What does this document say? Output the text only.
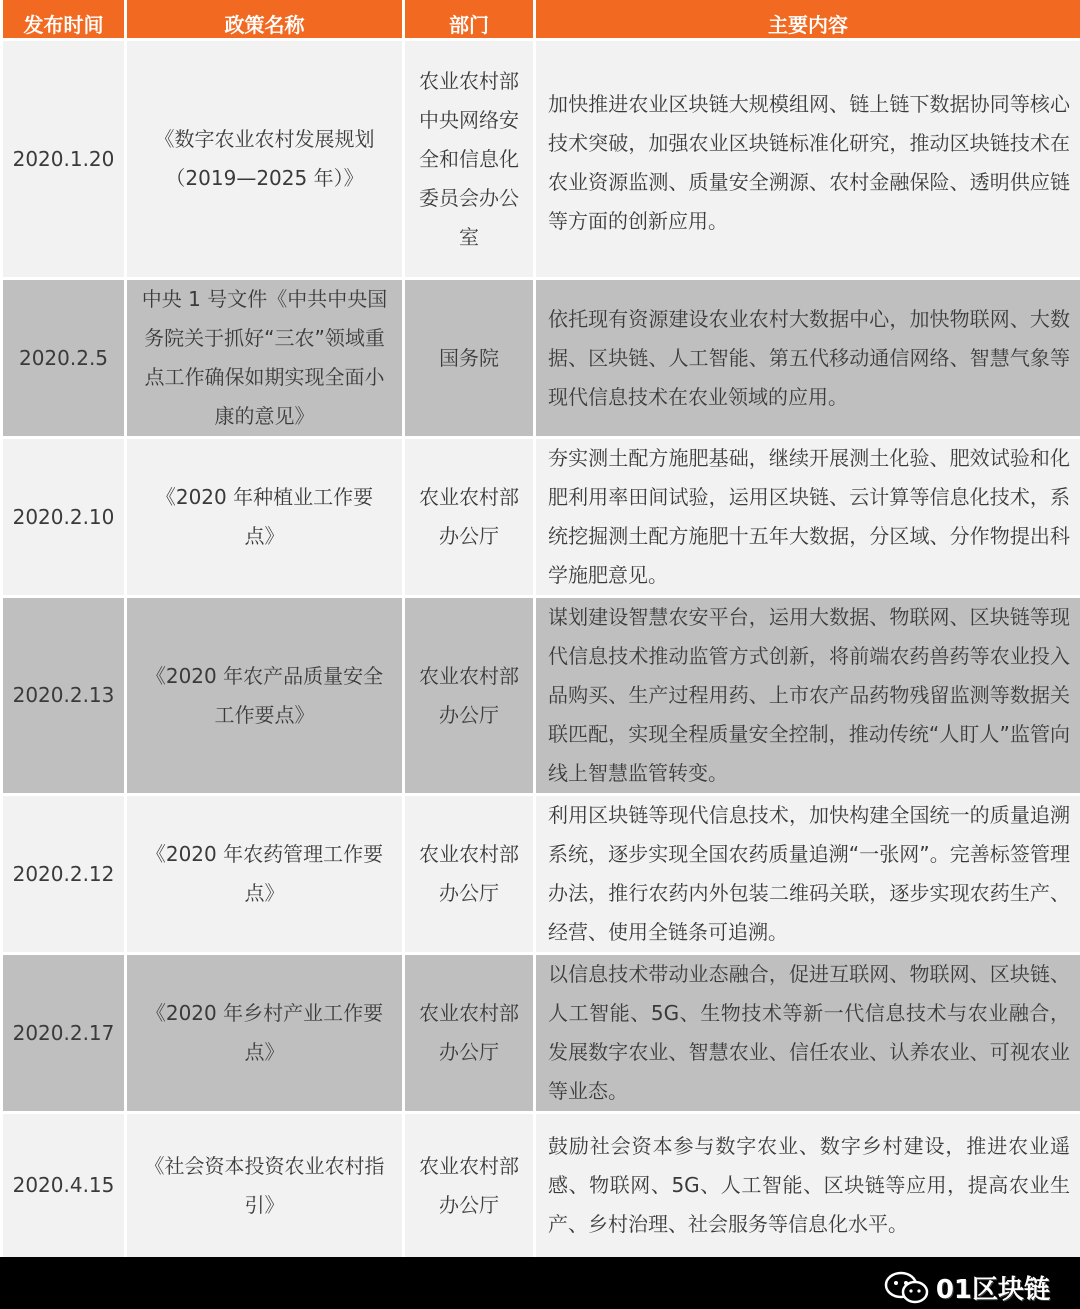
发布时间	政策名称	部门	主要内容

2020.1.20	《数字农业农村发展规划（2019—2025 年）》	农业农村部 中央网络安全和信息化委员会办公室	加快推进农业区块链大规模组网、链上链下数据协同等核心技术突破，加强农业区块链标准化研究，推动区块链技术在农业资源监测、质量安全溯源、农村金融保险、透明供应链等方面的创新应用。
2020.2.5	中央 1 号文件《中共中央国务院关于抓好“三农”领域重点工作确保如期实现全面小康的意见》	国务院	依托现有资源建设农业农村大数据中心，加快物联网、大数据、区块链、人工智能、第五代移动通信网络、智慧气象等现代信息技术在农业领域的应用。
2020.2.10	《2020 年种植业工作要点》	农业农村部办公厅	夯实测土配方施肥基础，继续开展测土化验、肥效试验和化肥利用率田间试验，运用区块链、云计算等信息化技术，系统挖掘测土配方施肥十五年大数据，分区域、分作物提出科学施肥意见。
2020.2.13	《2020 年农产品质量安全工作要点》	农业农村部办公厅	谋划建设智慧农安平台，运用大数据、物联网、区块链等现代信息技术推动监管方式创新，将前端农药兽药等农业投入品购买、生产过程用药、上市农产品药物残留监测等数据关联匹配，实现全程质量安全控制，推动传统“人盯人”监管向线上智慧监管转变。
2020.2.12	《2020 年农药管理工作要点》	农业农村部办公厅	利用区块链等现代信息技术，加快构建全国统一的质量追溯系统，逐步实现全国农药质量追溯“一张网”。完善标签管理办法，推行农药内外包装二维码关联，逐步实现农药生产、经营、使用全链条可追溯。
2020.2.17	《2020 年乡村产业工作要点》	农业农村部办公厅	以信息技术带动业态融合，促进互联网、物联网、区块链、人工智能、5G、生物技术等新一代信息技术与农业融合，发展数字农业、智慧农业、信任农业、认养农业、可视农业等业态。
2020.4.15	《社会资本投资农业农村指引》	农业农村部办公厅	鼓励社会资本参与数字农业、数字乡村建设，推进农业遥感、物联网、5G、人工智能、区块链等应用，提高农业生产、乡村治理、社会服务等信息化水平。
01区块链
